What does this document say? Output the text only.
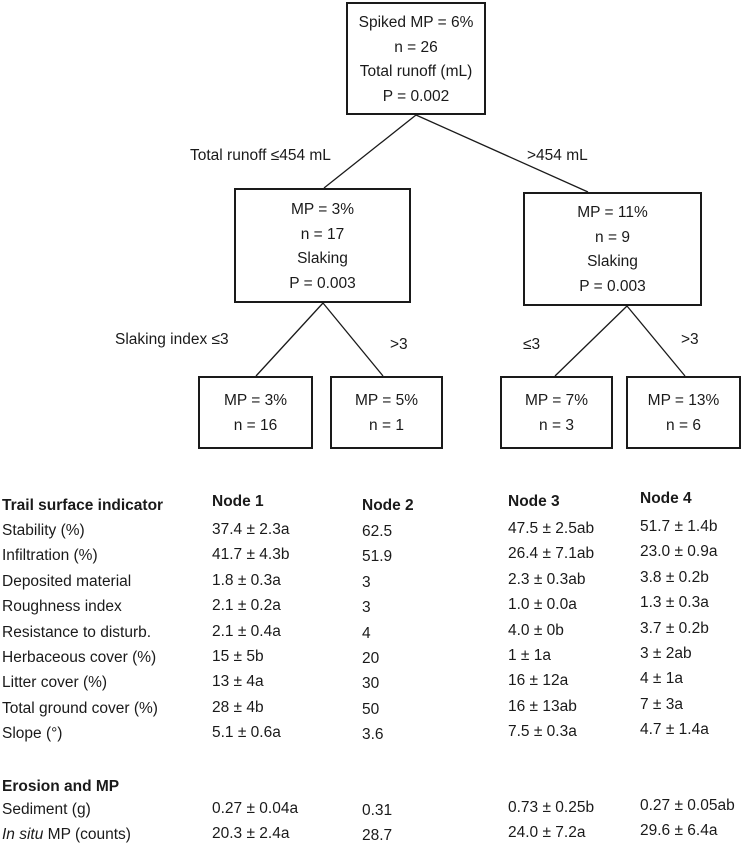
Spiked MP = 6%
n = 26
Total runoff (mL)
P = 0.002
MP = 3%
n = 17
Slaking
P = 0.003
MP = 11%
n = 9
Slaking
P = 0.003
MP = 3%
n = 16
MP = 5%
n = 1
MP = 7%
n = 3
MP = 13%
n = 6
Total runoff ≤454 mL	>454 mL
Slaking index ≤3	>3	≤3	>3
Trail surface indicator	Node 1	Node 2	Node 3	Node 4
Stability (%)	37.4 ± 2.3a	62.5	47.5 ± 2.5ab	51.7 ± 1.4b
Infiltration (%)	41.7 ± 4.3b	51.9	26.4 ± 7.1ab	23.0 ± 0.9a
Deposited material	1.8 ± 0.3a	3	2.3 ± 0.3ab	3.8 ± 0.2b
Roughness index	2.1 ± 0.2a	3	1.0 ± 0.0a	1.3 ± 0.3a
Resistance to disturb.	2.1 ± 0.4a	4	4.0 ± 0b	3.7 ± 0.2b
Herbaceous cover (%)	15 ± 5b	20	1 ± 1a	3 ± 2ab
Litter cover (%)	13 ± 4a	30	16 ± 12a	4 ± 1a
Total ground cover (%)	28 ± 4b	50	16 ± 13ab	7 ± 3a
Slope (°)	5.1 ± 0.6a	3.6	7.5 ± 0.3a	4.7 ± 1.4a
Erosion and MP
Sediment (g)	0.27 ± 0.04a	0.31	0.73 ± 0.25b	0.27 ± 0.05ab
In situ MP (counts)	20.3 ± 2.4a	28.7	24.0 ± 7.2a	29.6 ± 6.4a
